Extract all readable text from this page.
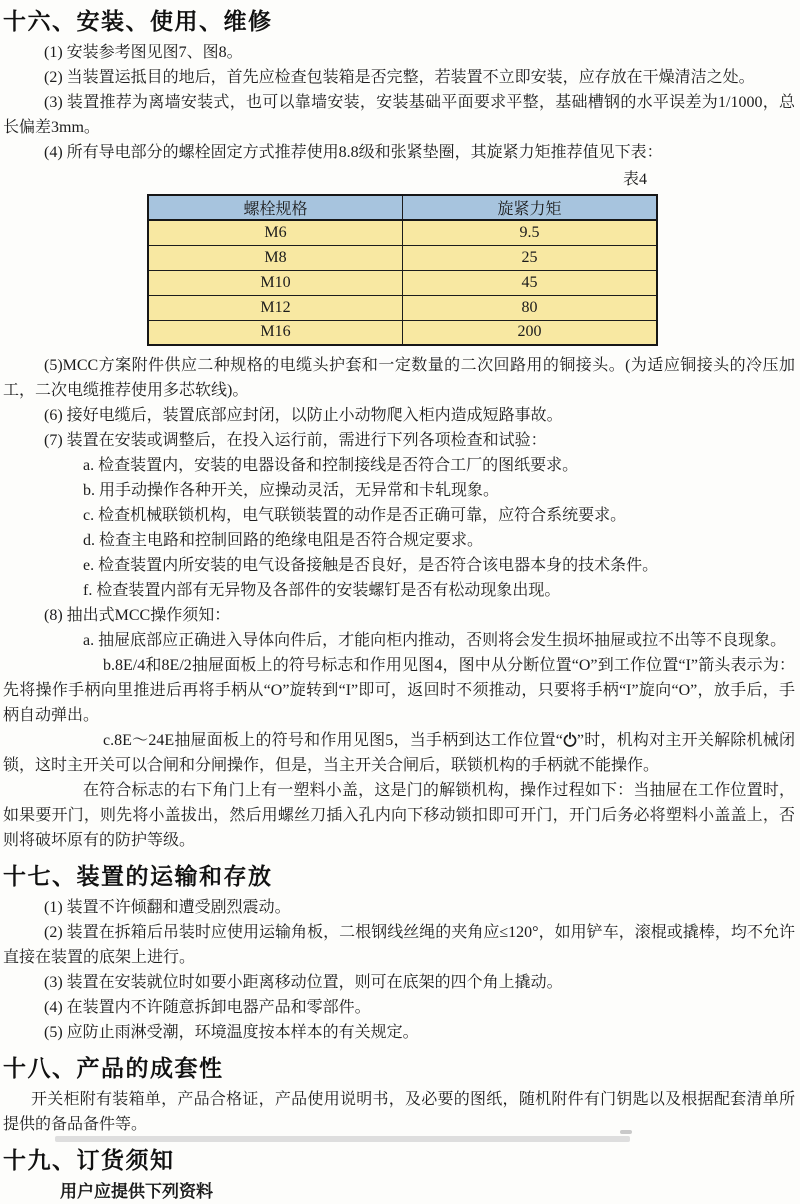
十六、安装、使用、维修

(1) 安装参考图见图7、图8。

(2) 当装置运抵目的地后，首先应检查包装箱是否完整，若装置不立即安装，应存放在干燥清洁之处。

(3) 装置推荐为离墙安装式，也可以靠墙安装，安装基础平面要求平整，基础槽钢的水平误差为1/1000，总长偏差3mm。

(4) 所有导电部分的螺栓固定方式推荐使用8.8级和张紧垫圈，其旋紧力矩推荐值见下表：

表4
螺栓规格	旋紧力矩
M6	9.5
M8	25
M10	45
M12	80
M16	200

(5)MCC方案附件供应二种规格的电缆头护套和一定数量的二次回路用的铜接头。(为适应铜接头的冷压加工，二次电缆推荐使用多芯软线)。

(6) 接好电缆后，装置底部应封闭，以防止小动物爬入柜内造成短路事故。

(7) 装置在安装或调整后，在投入运行前，需进行下列各项检查和试验：

a. 检查装置内，安装的电器设备和控制接线是否符合工厂的图纸要求。

b. 用手动操作各种开关，应操动灵活，无异常和卡轧现象。

c. 检查机械联锁机构，电气联锁装置的动作是否正确可靠，应符合系统要求。

d. 检查主电路和控制回路的绝缘电阻是否符合规定要求。

e. 检查装置内所安装的电气设备接触是否良好，是否符合该电器本身的技术条件。

f. 检查装置内部有无异物及各部件的安装螺钉是否有松动现象出现。

(8) 抽出式MCC操作须知：

a. 抽屉底部应正确进入导体向件后，才能向柜内推动，否则将会发生损坏抽屉或拉不出等不良现象。

b.8E/4和8E/2抽屉面板上的符号标志和作用见图4，图中从分断位置“O”到工作位置“I”箭头表示为：先将操作手柄向里推进后再将手柄从“O”旋转到“I”即可，返回时不须推动，只要将手柄“I”旋向“O”，放手后，手柄自动弹出。

c.8E～24E抽屉面板上的符号和作用见图5，当手柄到达工作位置“ ”时，机构对主开关解除机械闭锁，这时主开关可以合闸和分闸操作，但是，当主开关合闸后，联锁机构的手柄就不能操作。

在符合标志的右下角门上有一塑料小盖，这是门的解锁机构，操作过程如下：当抽屉在工作位置时，如果要开门，则先将小盖拔出，然后用螺丝刀插入孔内向下移动锁扣即可开门，开门后务必将塑料小盖盖上，否则将破坏原有的防护等级。

十七、装置的运输和存放

(1) 装置不许倾翻和遭受剧烈震动。

(2) 装置在拆箱后吊装时应使用运输角板，二根钢线丝绳的夹角应≤120°，如用铲车，滚棍或撬棒，均不允许直接在装置的底架上进行。

(3) 装置在安装就位时如要小距离移动位置，则可在底架的四个角上撬动。

(4) 在装置内不许随意拆卸电器产品和零部件。

(5) 应防止雨淋受潮，环境温度按本样本的有关规定。

十八、产品的成套性

开关柜附有装箱单，产品合格证，产品使用说明书，及必要的图纸，随机附件有门钥匙以及根据配套清单所提供的备品备件等。

十九、订货须知

用户应提供下列资料
